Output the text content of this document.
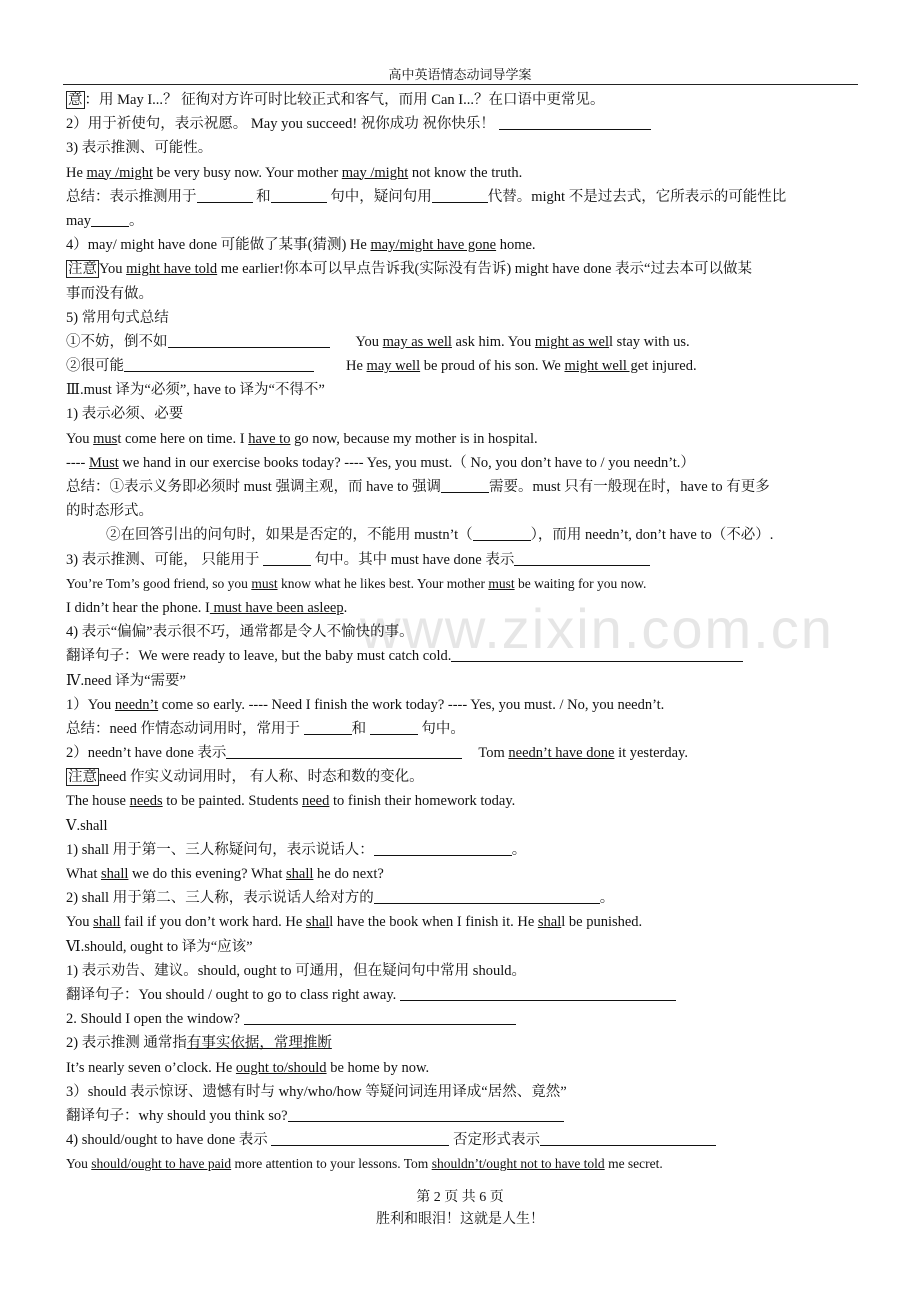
高中英语情态动词导学案
www.zixin.com.cn
意 ：用 May I...？ 征徇对方许可时比较正式和客气，而用 Can I...？在口语中更常见。
2）用于祈使句，表示祝愿。 May you succeed! 祝你成功 祝你快乐！
3) 表示推测、可能性。
He may /might be very busy now. Your mother may /might not know the truth.
总结：表示推测用于	和	句中，疑问句用	代替。might 不是过去式，它所表示的可能性比
may	。
4）may/ might have done 可能做了某事(猜测) He may/might have gone home.
注意 You might have told me earlier!你本可以早点告诉我(实际没有告诉) might have done 表示“过去本可以做某
事而没有做。
5) 常用句式总结
①不妨，倒不如	You may as well ask him. You might as well stay with us.
②很可能	He may well be proud of his son. We might well get injured.
Ⅲ.must 译为“必须”, have to 译为“不得不”
1) 表示必须、必要
You must come here on time. I have to go now, because my mother is in hospital.
---- Must we hand in our exercise books today? ---- Yes, you must.（ No, you don’t have to / you needn’t.）
总结：①表示义务即必须时 must 强调主观，而 have to 强调	需要。must 只有一般现在时，have to 有更多
的时态形式。
②在回答引出的问句时，如果是否定的，不能用 mustn’t（	），而用 needn’t, don’t have to（不必）.
3) 表示推测、可能， 只能用于	句中。其中 must have done 表示
You’re Tom’s good friend, so you must know what he likes best. Your mother must be waiting for you now.
I didn’t hear the phone. I must have been asleep.
4) 表示“偏偏”表示很不巧，通常都是令人不愉快的事。
翻译句子：We were ready to leave, but the baby must catch cold.
Ⅳ.need 译为“需要”
1）You needn’t come so early. ---- Need I finish the work today? ---- Yes, you must. / No, you needn’t.
总结：need 作情态动词用时，常用于	和	句中。
2）needn’t have done 表示	Tom needn’t have done it yesterday.
注意 need 作实义动词用时， 有人称、时态和数的变化。
The house needs to be painted. Students need to finish their homework today.
Ⅴ.shall
1) shall 用于第一、三人称疑问句，表示说话人：	。
What shall we do this evening? What shall he do next?
2) shall 用于第二、三人称，表示说话人给对方的	。
You shall fail if you don’t work hard. He shall have the book when I finish it. He shall be punished.
Ⅵ.should, ought to 译为“应该”
1) 表示劝告、建议。should, ought to 可通用，但在疑问句中常用 should。
翻译句子：You should / ought to go to class right away.
2. Should I open the window?
2) 表示推测 通常指有事实依据，常理推断
It’s nearly seven o’clock. He ought to/should be home by now.
3）should 表示惊讶、遗憾有时与 why/who/how 等疑问词连用译成“居然、竟然”
翻译句子：why should you think so?
4) should/ought to have done 表示	否定形式表示
You should/ought to have paid more attention to your lessons. Tom shouldn’t/ought not to have told me secret.
第 2 页 共 6 页
胜利和眼泪！这就是人生！
